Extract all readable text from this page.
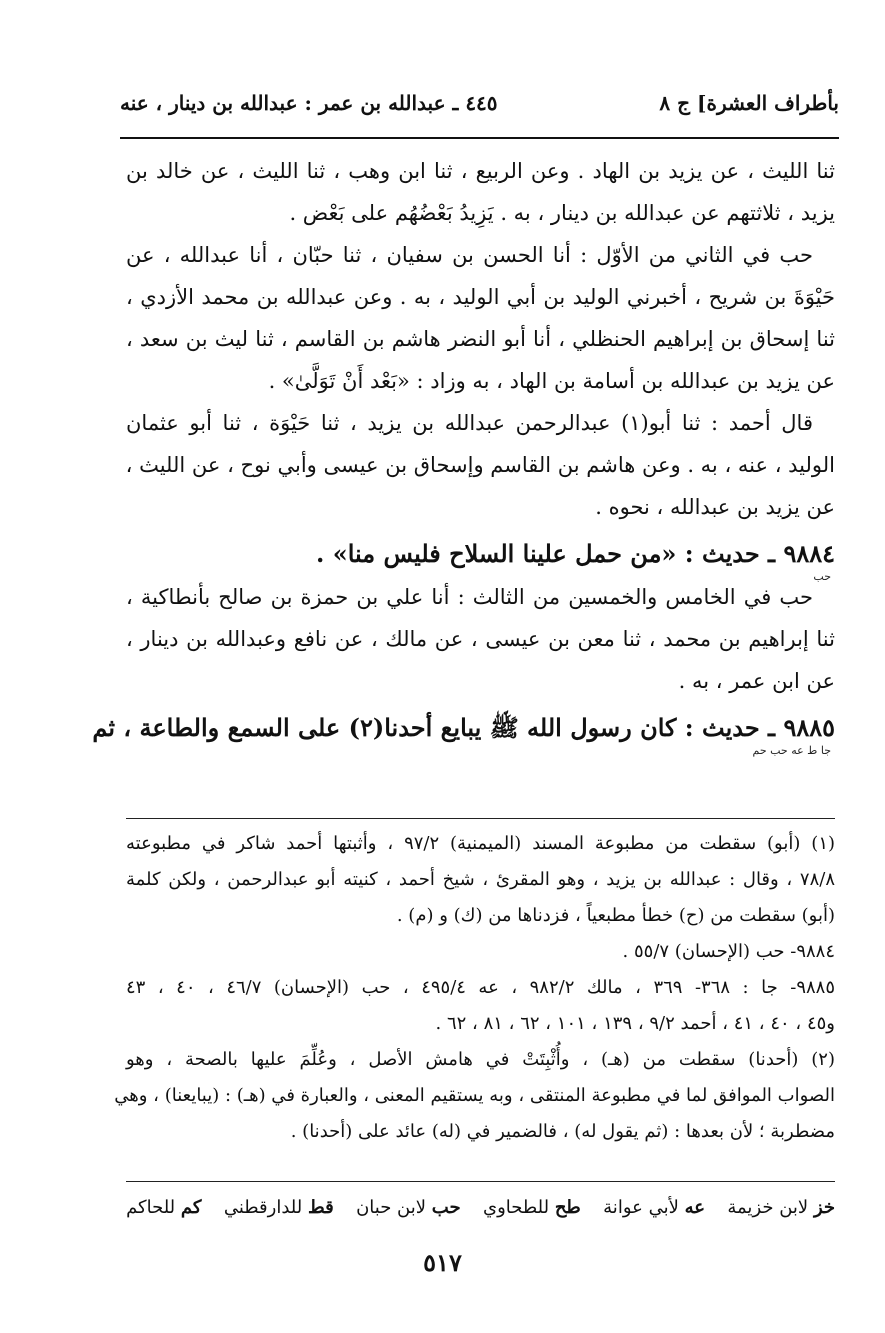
بأطراف العشرة] ج ٨
٤٤٥ ـ عبدالله بن عمر : عبدالله بن دينار ، عنه
ثنا الليث ، عن يزيد بن الهاد . وعن الربيع ، ثنا ابن وهب ، ثنا الليث ، عن خالد بن
يزيد ، ثلاثتهم عن عبدالله بن دينار ، به . يَزِيدُ بَعْضُهُم على بَعْض .
حب في الثاني من الأوّل : أنا الحسن بن سفيان ، ثنا حبّان ، أنا عبدالله ، عن
حَيْوَةَ بن شريح ، أخبرني الوليد بن أبي الوليد ، به . وعن عبدالله بن محمد الأزدي ،
ثنا إسحاق بن إبراهيم الحنظلي ، أنا أبو النضر هاشم بن القاسم ، ثنا ليث بن سعد ،
عن يزيد بن عبدالله بن أسامة بن الهاد ، به وزاد : «بَعْد أَنْ تَوَلَّىٰ» .
قال أحمد : ثنا أبو(١) عبدالرحمن عبدالله بن يزيد ، ثنا حَيْوَة ، ثنا أبو عثمان
الوليد ، عنه ، به . وعن هاشم بن القاسم وإسحاق بن عيسى وأبي نوح ، عن الليث ،
عن يزيد بن عبدالله ، نحوه .
٩٨٨٤ ـ حديث : «من حمل علينا السلاح فليس منا» .
حب
حب في الخامس والخمسين من الثالث : أنا علي بن حمزة بن صالح بأنطاكية ،
ثنا إبراهيم بن محمد ، ثنا معن بن عيسى ، عن مالك ، عن نافع وعبدالله بن دينار ،
عن ابن عمر ، به .
٩٨٨٥ ـ حديث : كان رسول الله ﷺ يبايع أحدنا(٢) على السمع والطاعة ، ثم
جا ط عه حب حم
(١) (أبو) سقطت من مطبوعة المسند (الميمنية) ٩٧/٢ ، وأثبتها أحمد شاكر في مطبوعته
٧٨/٨ ، وقال : عبدالله بن يزيد ، وهو المقرئ ، شيخ أحمد ، كنيته أبو عبدالرحمن ، ولكن كلمة
(أبو) سقطت من (ح) خطأ مطبعياً ، فزدناها من (ك) و (م) .
٩٨٨٤- حب (الإحسان) ٥٥/٧ .
٩٨٨٥- جا : ٣٦٨- ٣٦٩ ، مالك ٩٨٢/٢ ، عه ٤٩٥/٤ ، حب (الإحسان) ٤٦/٧ ، ٤٠ ، ٤٣
و٤٥ ، ٤٠ ، ٤١ ، أحمد ٩/٢ ، ١٣٩ ، ١٠١ ، ٦٢ ، ٨١ ، ٦٢ .
(٢) (أحدنا) سقطت من (هـ) ، وأُثْبِتَتْ في هامش الأصل ، وعُلِّمَ عليها بالصحة ، وهو
الصواب الموافق لما في مطبوعة المنتقى ، وبه يستقيم المعنى ، والعبارة في (هـ) : (يبايعنا) ، وهي
مضطربة ؛ لأن بعدها : (ثم يقول له) ، فالضمير في (له) عائد على (أحدنا) .
خز لابن خزيمة
عه لأبي عوانة
طح للطحاوي
حب لابن حبان
قط للدارقطني
كم للحاكم
٥١٧
